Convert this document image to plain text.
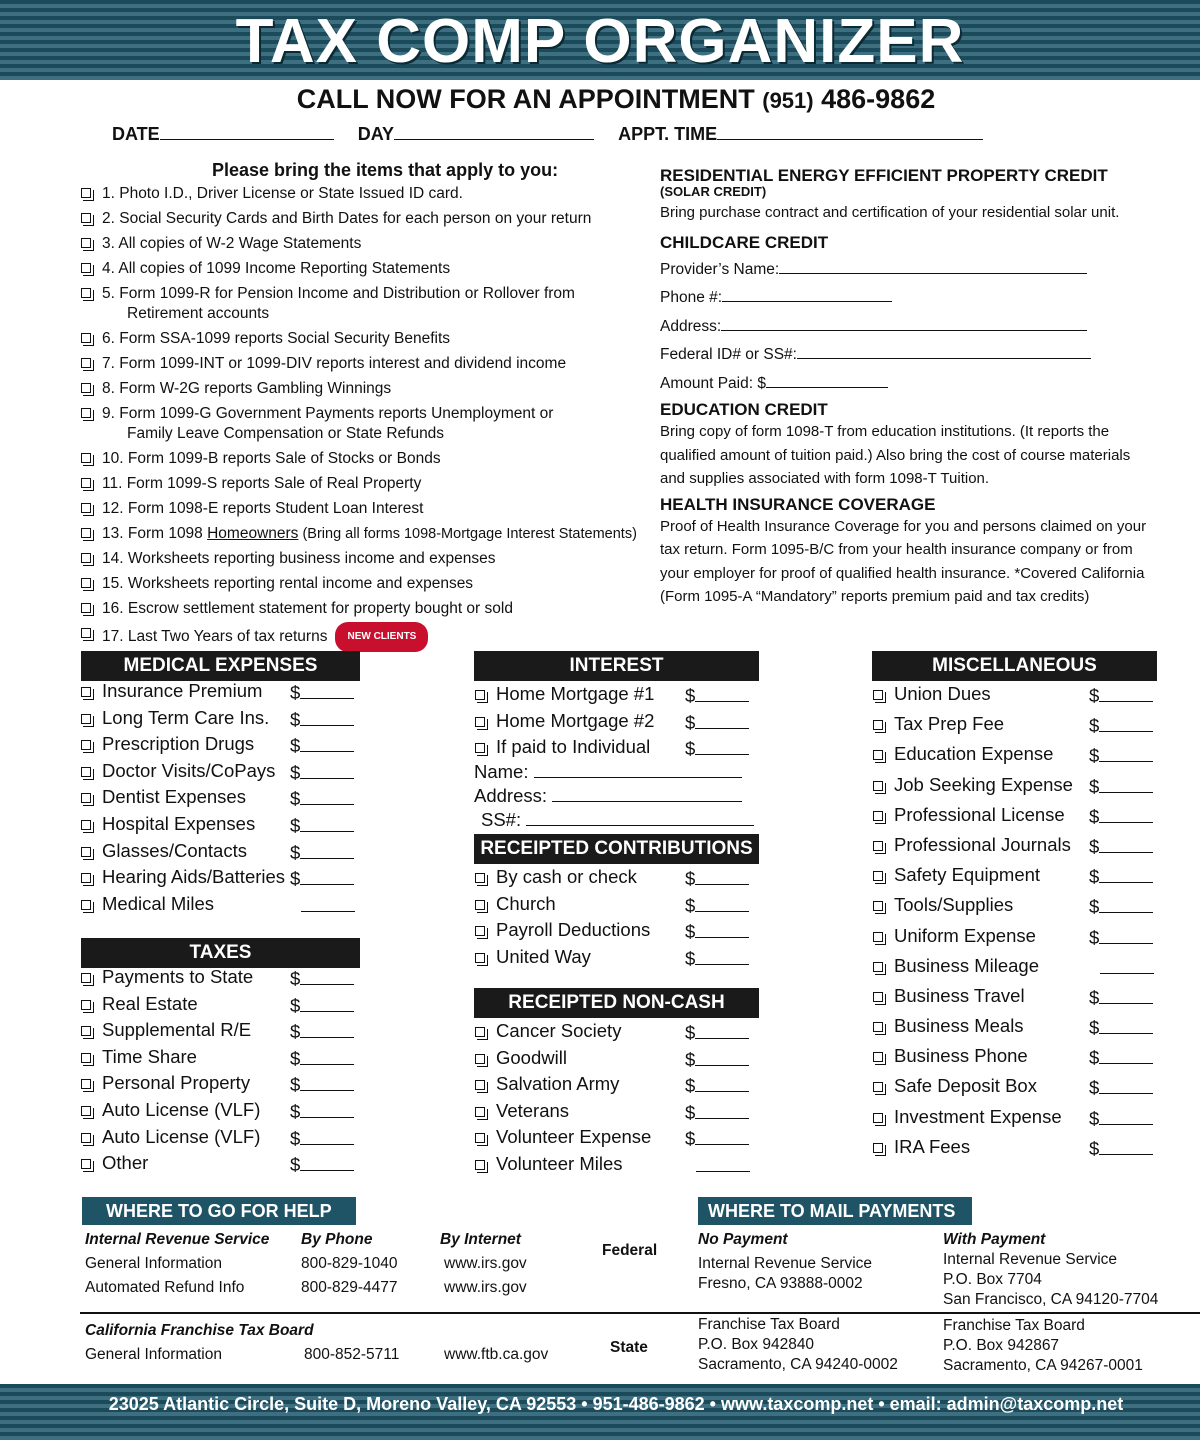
TAX COMP ORGANIZER
CALL NOW FOR AN APPOINTMENT (951) 486-9862
DATE	DAY	APPT. TIME
Please bring the items that apply to you:
1. Photo I.D., Driver License or State Issued ID card.
2. Social Security Cards and Birth Dates for each person on your return
3. All copies of W-2 Wage Statements
4. All copies of 1099 Income Reporting Statements
5. Form 1099-R for Pension Income and Distribution or Rollover from
Retirement accounts
6. Form SSA-1099 reports Social Security Benefits
7. Form 1099-INT or 1099-DIV reports interest and dividend income
8. Form W-2G reports Gambling Winnings
9. Form 1099-G Government Payments reports Unemployment or
Family Leave Compensation or State Refunds
10. Form 1099-B reports Sale of Stocks or Bonds
11. Form 1099-S reports Sale of Real Property
12. Form 1098-E reports Student Loan Interest
13. Form 1098 Homeowners (Bring all forms 1098-Mortgage Interest Statements)
14. Worksheets reporting business income and expenses
15. Worksheets reporting rental income and expenses
16. Escrow settlement statement for property bought or sold
17. Last Two Years of tax returns NEW CLIENTS
RESIDENTIAL ENERGY EFFICIENT PROPERTY CREDIT
(SOLAR CREDIT)
Bring purchase contract and certification of your residential solar unit.
CHILDCARE CREDIT
Provider’s Name:
Phone #:
Address:
Federal ID# or SS#:
Amount Paid: $
EDUCATION CREDIT
Bring copy of form 1098-T from education institutions. (It reports the
qualified amount of tuition paid.) Also bring the cost of course materials
and supplies associated with form 1098-T Tuition.
HEALTH INSURANCE COVERAGE
Proof of Health Insurance Coverage for you and persons claimed on your
tax return. Form 1095-B/C from your health insurance company or from
your employer for proof of qualified health insurance. *Covered California
(Form 1095-A “Mandatory” reports premium paid and tax credits)
MEDICAL EXPENSES
TAXES
INTEREST
RECEIPTED CONTRIBUTIONS
RECEIPTED NON-CASH
MISCELLANEOUS
Insurance Premium $
Long Term Care Ins. $
Prescription Drugs $
Doctor Visits/CoPays $
Dentist Expenses $
Hospital Expenses $
Glasses/Contacts $
Hearing Aids/Batteries $
Medical Miles
Payments to State $
Real Estate	$
Supplemental R/E $
Time Share	$
Personal Property $
Auto License (VLF) $
Auto License (VLF) $
Other	$
Home Mortgage #1 $
Home Mortgage #2 $
If paid to Individual $
Name:
Address:
SS#:
By cash or check	$
Church	$
Payroll Deductions $
United Way	$
Cancer Society	$
Goodwill	$
Salvation Army	$
Veterans	$
Volunteer Expense $
Volunteer Miles
Union Dues	$
Tax Prep Fee	$
Education Expense $
Job Seeking Expense $
Professional License $
Professional Journals $
Safety Equipment	$
Tools/Supplies	$
Uniform Expense	$
Business Mileage
Business Travel	$
Business Meals	$
Business Phone	$
Safe Deposit Box	$
Investment Expense $
IRA Fees	$
WHERE TO GO FOR HELP	WHERE TO MAIL PAYMENTS
Internal Revenue Service By Phone	By Internet
Federal
General Information	800-829-1040	www.irs.gov
Automated Refund Info	800-829-4477	www.irs.gov
No Payment	With Payment
Internal Revenue Service
Fresno, CA 93888-0002
Internal Revenue Service
P.O. Box 7704
San Francisco, CA 94120-7704
California Franchise Tax Board
General Information	800-852-5711	www.ftb.ca.gov	State
Franchise Tax Board
P.O. Box 942840
Sacramento, CA 94240-0002
Franchise Tax Board
P.O. Box 942867
Sacramento, CA 94267-0001
23025 Atlantic Circle, Suite D, Moreno Valley, CA 92553 • 951-486-9862 • www.taxcomp.net • email: admin@taxcomp.net
